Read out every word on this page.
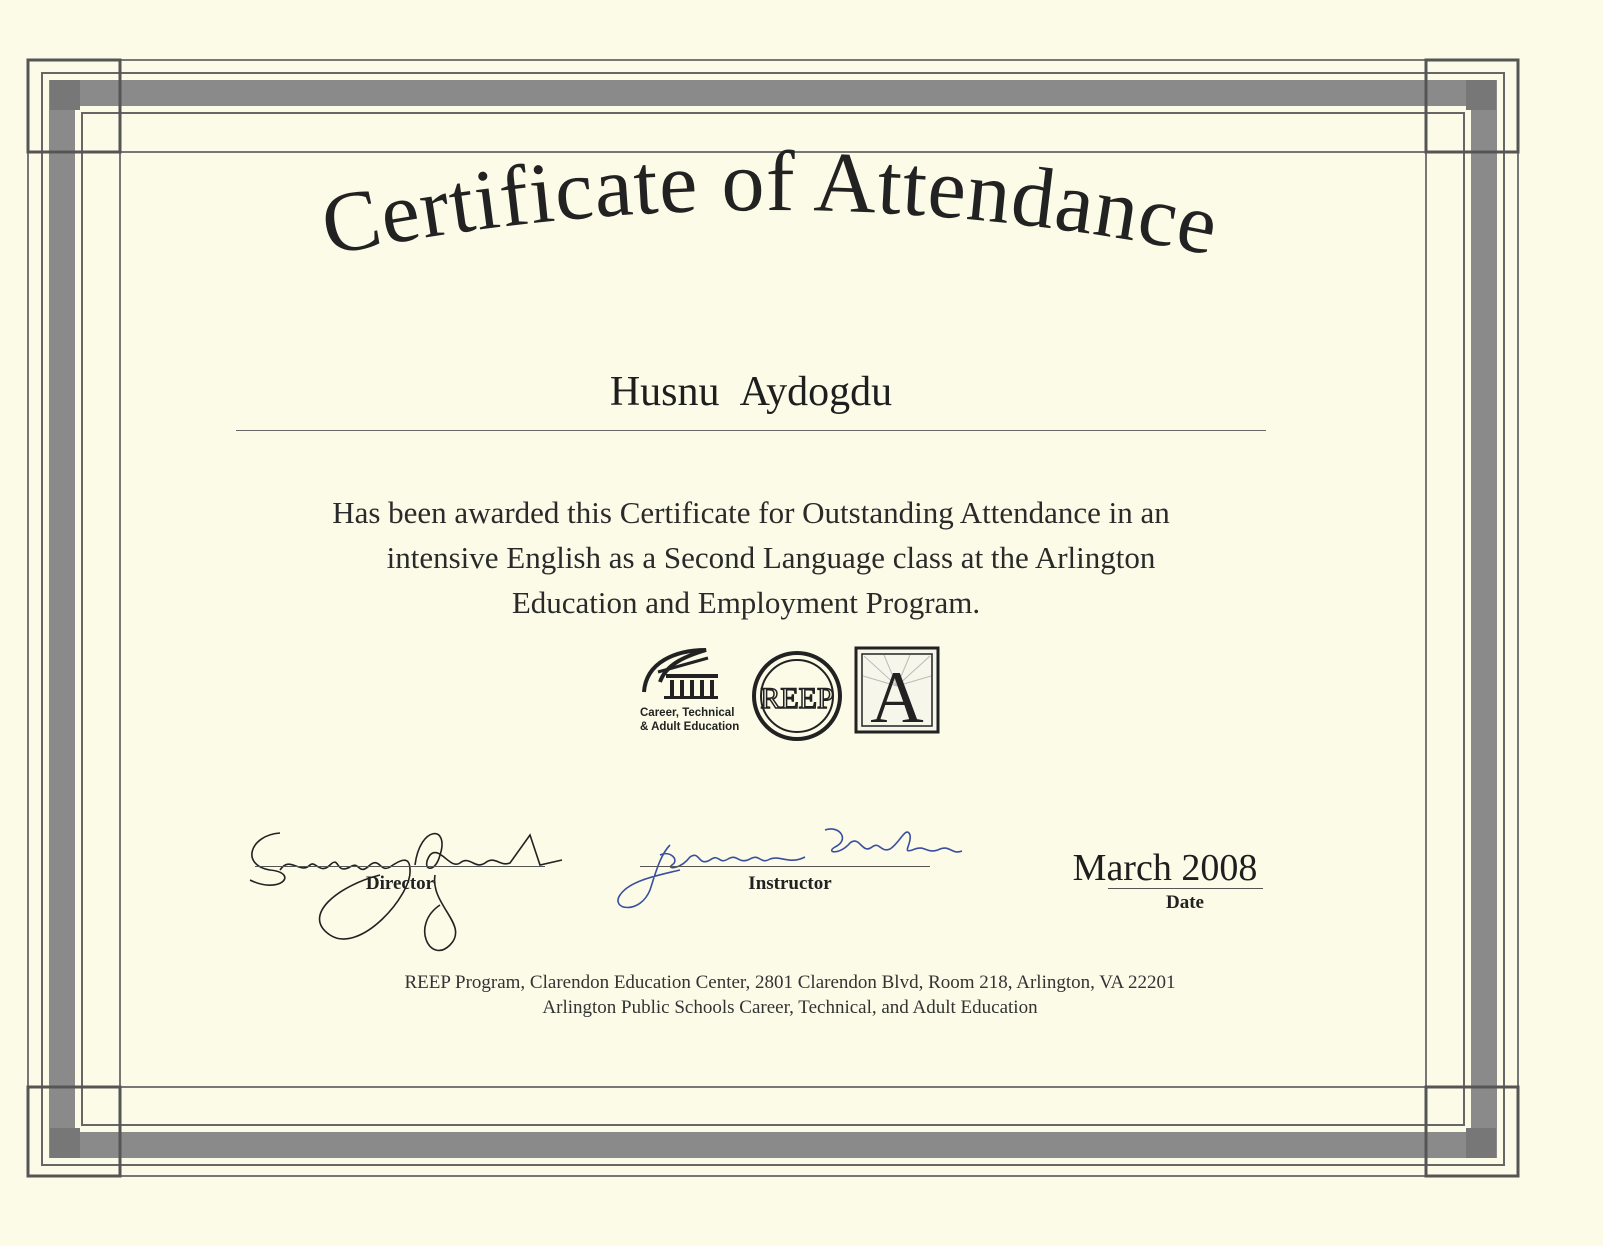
Certificate of Attendance
Husnu Aydogdu
Has been awarded this Certificate for Outstanding Attendance in an
intensive English as a Second Language class at the Arlington
Education and Employment Program.
Career, Technical
& Adult Education
REEP A
Director	Instructor	March 2008
Date
REEP Program, Clarendon Education Center, 2801 Clarendon Blvd, Room 218, Arlington, VA 22201
Arlington Public Schools Career, Technical, and Adult Education
